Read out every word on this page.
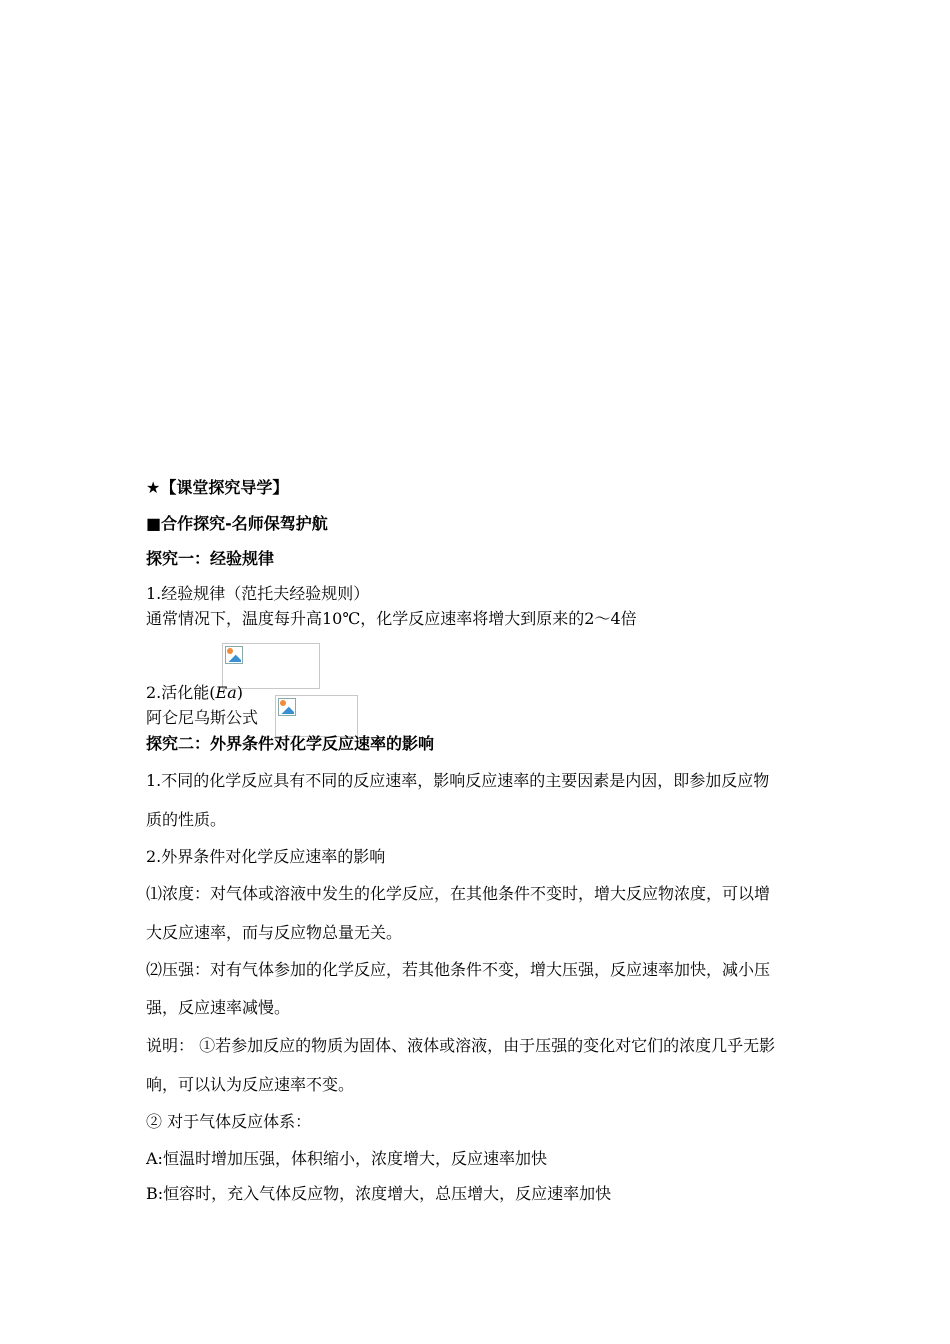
★【课堂探究导学】
■合作探究-名师保驾护航
探究一：经验规律
1.经验规律（范托夫经验规则）
通常情况下，温度每升高10℃，化学反应速率将增大到原来的2～4倍
2.活化能(Ea)
阿仑尼乌斯公式
探究二：外界条件对化学反应速率的影响
1.不同的化学反应具有不同的反应速率，影响反应速率的主要因素是内因，即参加反应物
质的性质。
2.外界条件对化学反应速率的影响
⑴浓度：对气体或溶液中发生的化学反应，在其他条件不变时，增大反应物浓度，可以增
大反应速率，而与反应物总量无关。
⑵压强：对有气体参加的化学反应，若其他条件不变，增大压强，反应速率加快，减小压
强，反应速率减慢。
说明： ①若参加反应的物质为固体、液体或溶液，由于压强的变化对它们的浓度几乎无影
响，可以认为反应速率不变。
② 对于气体反应体系：
A:恒温时增加压强，体积缩小，浓度增大，反应速率加快
B:恒容时，充入气体反应物，浓度增大，总压增大，反应速率加快
